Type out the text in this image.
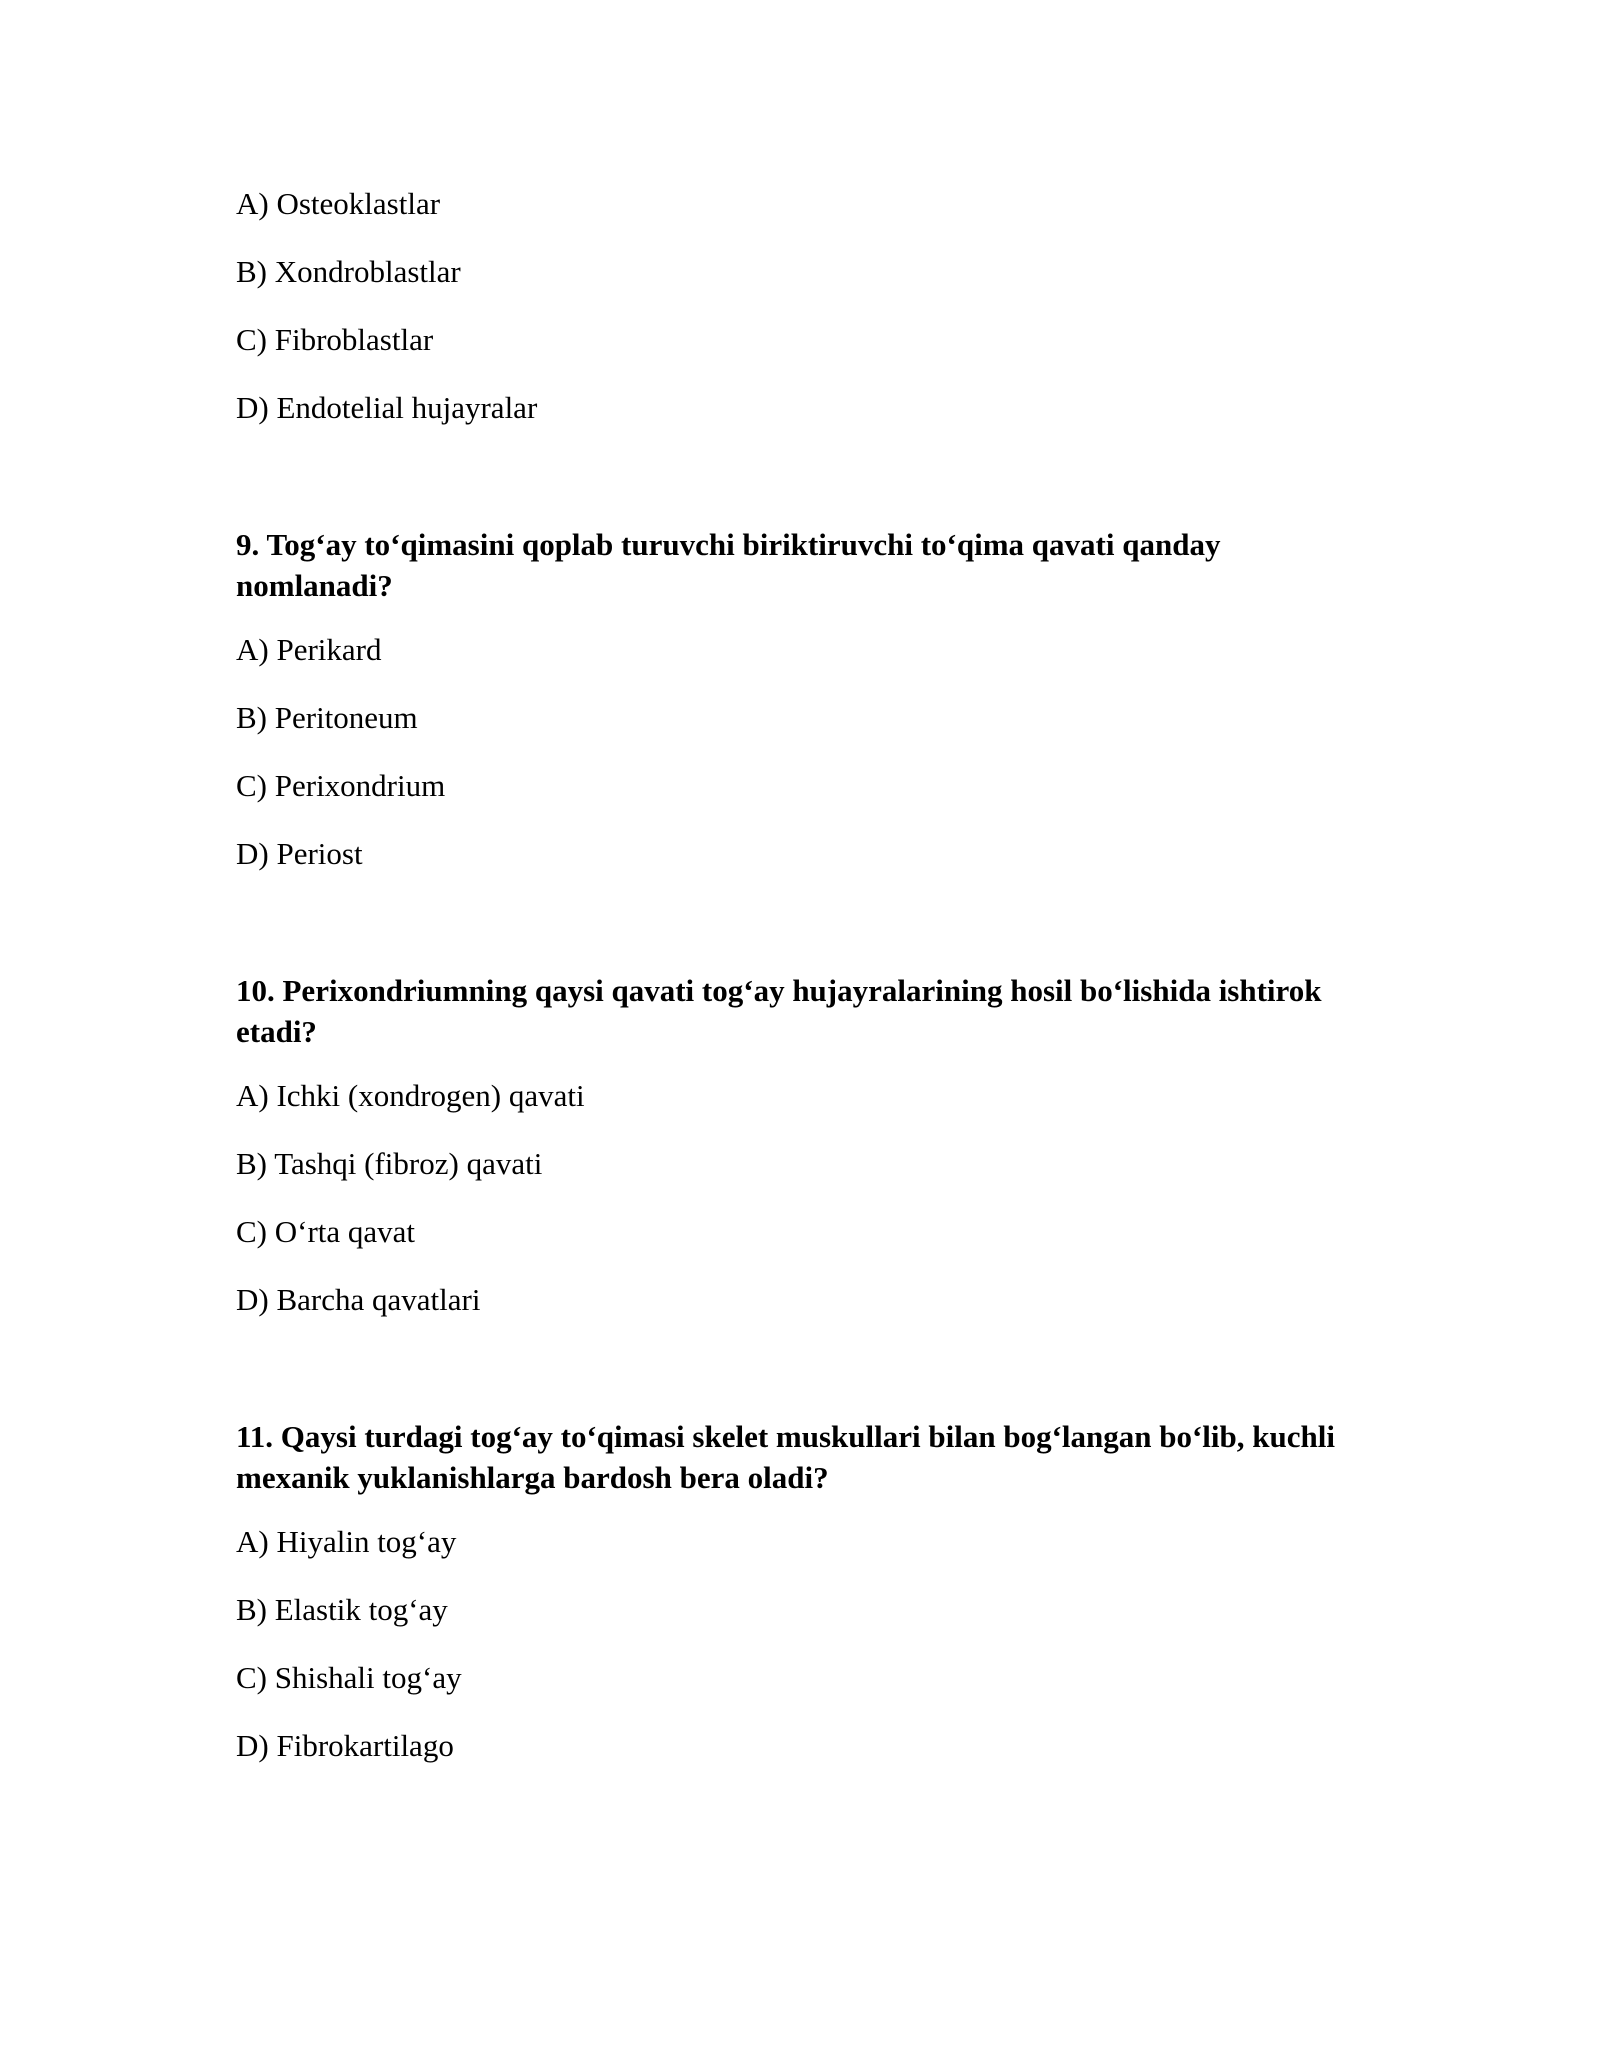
A) Osteoklastlar
B) Xondroblastlar
C) Fibroblastlar
D) Endotelial hujayralar
9. Tog‘ay to‘qimasini qoplab turuvchi biriktiruvchi to‘qima qavati qanday nomlanadi?
A) Perikard
B) Peritoneum
C) Perixondrium
D) Periost
10. Perixondriumning qaysi qavati tog‘ay hujayralarining hosil bo‘lishida ishtirok etadi?
A) Ichki (xondrogen) qavati
B) Tashqi (fibroz) qavati
C) O‘rta qavat
D) Barcha qavatlari
11. Qaysi turdagi tog‘ay to‘qimasi skelet muskullari bilan bog‘langan bo‘lib, kuchli mexanik yuklanishlarga bardosh bera oladi?
A) Hiyalin tog‘ay
B) Elastik tog‘ay
C) Shishali tog‘ay
D) Fibrokartilago
